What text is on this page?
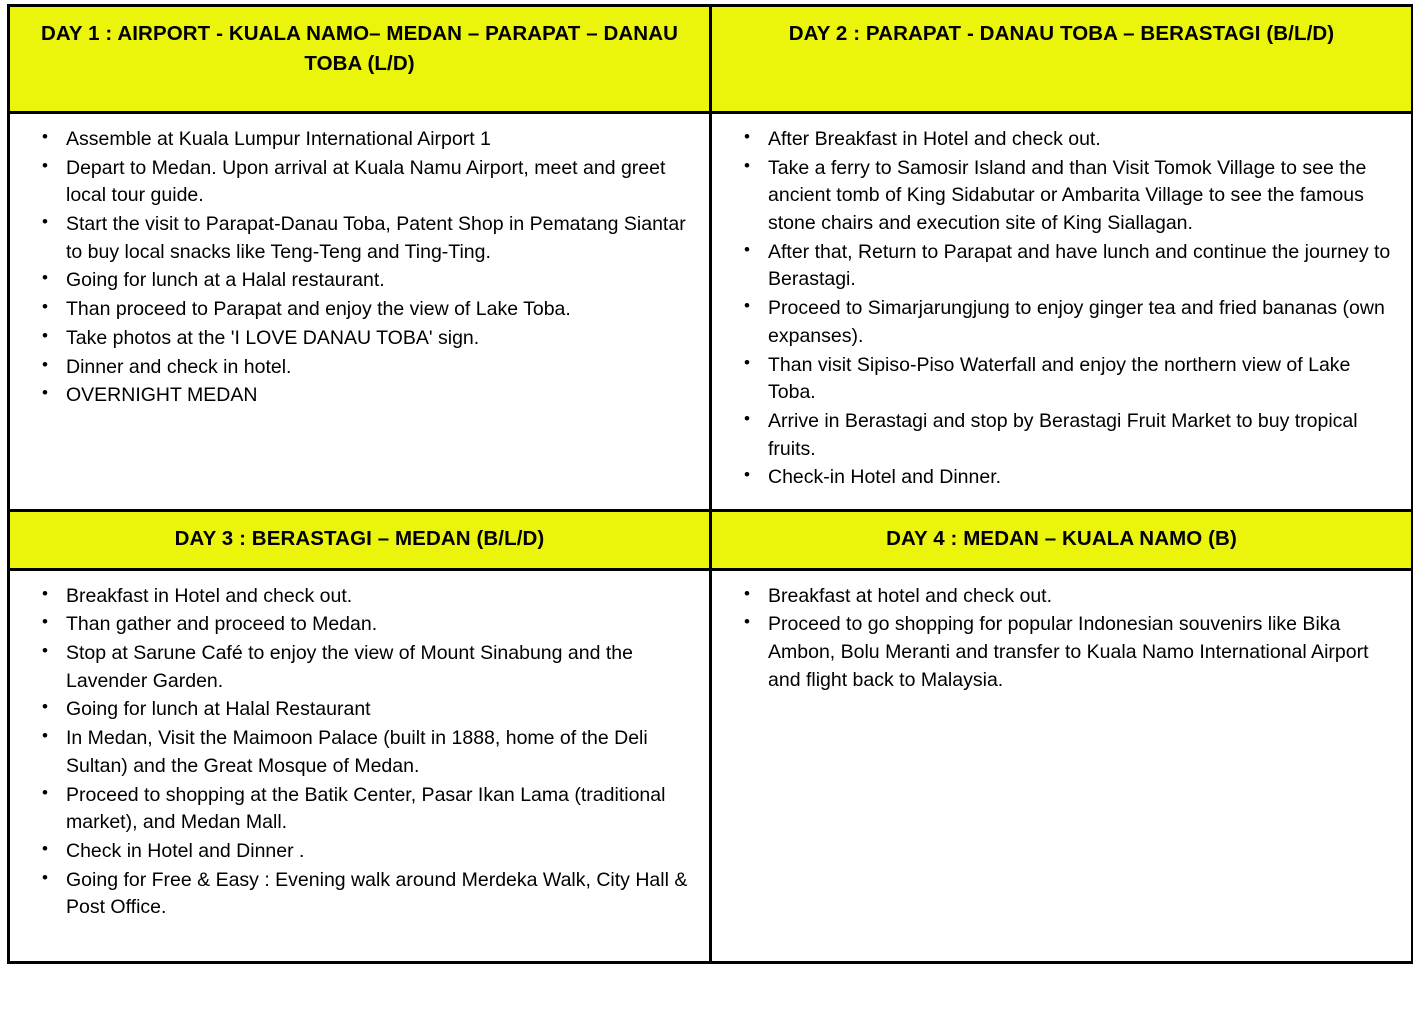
DAY 1 : AIRPORT - KUALA NAMO– MEDAN – PARAPAT – DANAU TOBA (L/D)	DAY 2 : PARAPAT - DANAU TOBA – BERASTAGI (B/L/D)

• Assemble at Kuala Lumpur International Airport 1
• Depart to Medan. Upon arrival at Kuala Namu Airport, meet and greet local tour guide.
• Start the visit to Parapat-Danau Toba, Patent Shop in Pematang Siantar to buy local snacks like Teng-Teng and Ting-Ting.
• Going for lunch at a Halal restaurant.
• Than proceed to Parapat and enjoy the view of Lake Toba.
• Take photos at the 'I LOVE DANAU TOBA' sign.
• Dinner and check in hotel.
• OVERNIGHT MEDAN

• After Breakfast in Hotel and check out.
• Take a ferry to Samosir Island and than Visit Tomok Village to see the ancient tomb of King Sidabutar or Ambarita Village to see the famous stone chairs and execution site of King Siallagan.
• After that, Return to Parapat and have lunch and continue the journey to Berastagi.
• Proceed to Simarjarungjung to enjoy ginger tea and fried bananas (own expanses).
• Than visit Sipiso-Piso Waterfall and enjoy the northern view of Lake Toba.
• Arrive in Berastagi and stop by Berastagi Fruit Market to buy tropical fruits.
• Check-in Hotel and Dinner.

DAY 3 : BERASTAGI – MEDAN (B/L/D)	DAY 4 : MEDAN – KUALA NAMO (B)

• Breakfast in Hotel and check out.
• Than gather and proceed to Medan.
• Stop at Sarune Café to enjoy the view of Mount Sinabung and the Lavender Garden.
• Going for lunch at Halal Restaurant
• In Medan, Visit the Maimoon Palace (built in 1888, home of the Deli Sultan) and the Great Mosque of Medan.
• Proceed to shopping at the Batik Center, Pasar Ikan Lama (traditional market), and Medan Mall.
• Check in Hotel and Dinner .
• Going for Free & Easy : Evening walk around Merdeka Walk, City Hall & Post Office.

• Breakfast at hotel and check out.
• Proceed to go shopping for popular Indonesian souvenirs like Bika Ambon, Bolu Meranti and transfer to Kuala Namo International Airport and flight back to Malaysia.
